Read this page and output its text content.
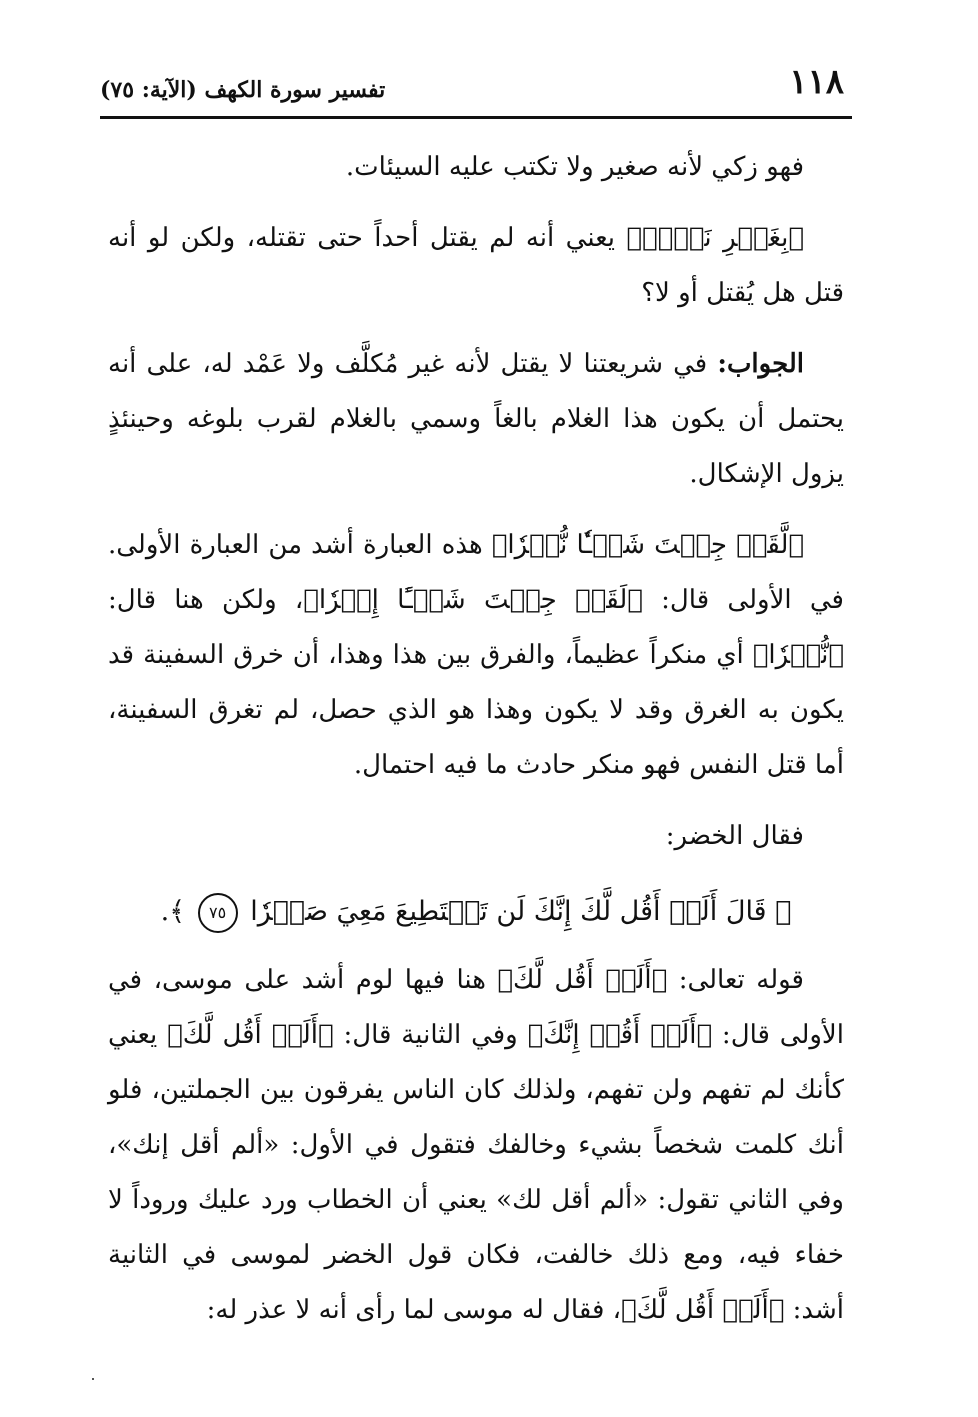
١١٨
تفسير سورة الكهف (الآية: ٧٥)

فهو زكي لأنه صغير ولا تكتب عليه السيئات.

﴿بِغَيۡرِ نَفۡسٖ﴾ يعني أنه لم يقتل أحداً حتى تقتله، ولكن لو أنه قتل هل يُقتل أو لا؟

الجواب: في شريعتنا لا يقتل لأنه غير مُكلَّف ولا عَمْد له، على أنه يحتمل أن يكون هذا الغلام بالغاً وسمي بالغلام لقرب بلوغه وحينئذٍ يزول الإشكال.

﴿لَّقَدۡ جِئۡتَ شَيۡـٔٗا نُّكۡرٗا﴾ هذه العبارة أشد من العبارة الأولى. في الأولى قال: ﴿لَقَدۡ جِئۡتَ شَيۡـًٔا إِمۡرٗا﴾، ولكن هنا قال: ﴿نُّكۡرٗا﴾ أي منكراً عظيماً، والفرق بين هذا وهذا، أن خرق السفينة قد يكون به الغرق وقد لا يكون وهذا هو الذي حصل، لم تغرق السفينة، أما قتل النفس فهو منكر حادث ما فيه احتمال.

فقال الخضر:

﴿ قَالَ أَلَمۡ أَقُل لَّكَ إِنَّكَ لَن تَسۡتَطِيعَ مَعِيَ صَبۡرٗا ٧٥ ﴾.

قوله تعالى: ﴿أَلَمۡ أَقُل لَّكَ﴾ هنا فيها لوم أشد على موسى، في الأولى قال: ﴿أَلَمۡ أَقُلۡ إِنَّكَ﴾ وفي الثانية قال: ﴿أَلَمۡ أَقُل لَّكَ﴾ يعني كأنك لم تفهم ولن تفهم، ولذلك كان الناس يفرقون بين الجملتين، فلو أنك كلمت شخصاً بشيء وخالفك فتقول في الأول: «ألم أقل إنك»، وفي الثاني تقول: «ألم أقل لك» يعني أن الخطاب ورد عليك وروداً لا خفاء فيه، ومع ذلك خالفت، فكان قول الخضر لموسى في الثانية أشد: ﴿أَلَمۡ أَقُل لَّكَ﴾، فقال له موسى لما رأى أنه لا عذر له:
